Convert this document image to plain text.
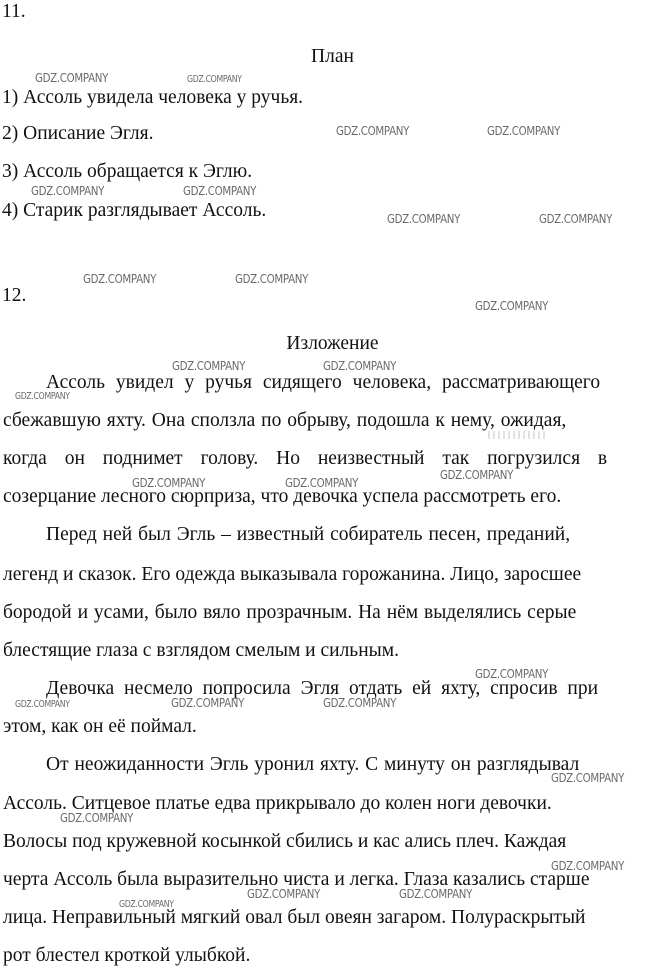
11.
План
1) Ассоль увидела человека у ручья.
2) Описание Эгля.
3) Ассоль обращается к Эглю.
4) Старик разглядывает Ассоль.
12.
Изложение
Ассоль увидел у ручья сидящего человека, рассматривающего
сбежавшую яхту. Она сползла по обрыву, подошла к нему, ожидая,
когда он поднимет голову. Но неизвестный так погрузился в
созерцание лесного сюрприза, что девочка успела рассмотреть его.
Перед ней был Эгль – известный собиратель песен, преданий,
легенд и сказок. Его одежда выказывала горожанина. Лицо, заросшее
бородой и усами, было вяло прозрачным. На нём выделялись серые
блестящие глаза с взглядом смелым и сильным.
Девочка несмело попросила Эгля отдать ей яхту, спросив при
этом, как он её поймал.
От неожиданности Эгль уронил яхту. С минуту он разглядывал
Ассоль. Ситцевое платье едва прикрывало до колен ноги девочки.
Волосы под кружевной косынкой сбились и кас ались плеч. Каждая
черта Ассоль была выразительно чиста и легка. Глаза казались старше
лица. Неправильный мягкий овал был овеян загаром. Полураскрытый
рот блестел кроткой улыбкой.
GDZ.COMPANY	GDZ.COMPANY
GDZ.COMPANY	GDZ.COMPANY
GDZ.COMPANY	GDZ.COMPANY
GDZ.COMPANY	GDZ.COMPANY
GDZ.COMPANY	GDZ.COMPANY
GDZ.COMPANY
GDZ.COMPANY	GDZ.COMPANY
GDZ.COMPANY
GDZ.COMPANY
GDZ.COMPANY	GDZ.COMPANY
GDZ.COMPANY
GDZ.COMPANY	GDZ.COMPANY
GDZ.COMPANY
GDZ.COMPANY
GDZ.COMPANY
GDZ.COMPANY
GDZ.COMPANY	GDZ.COMPANY
GDZ.COMPANY
